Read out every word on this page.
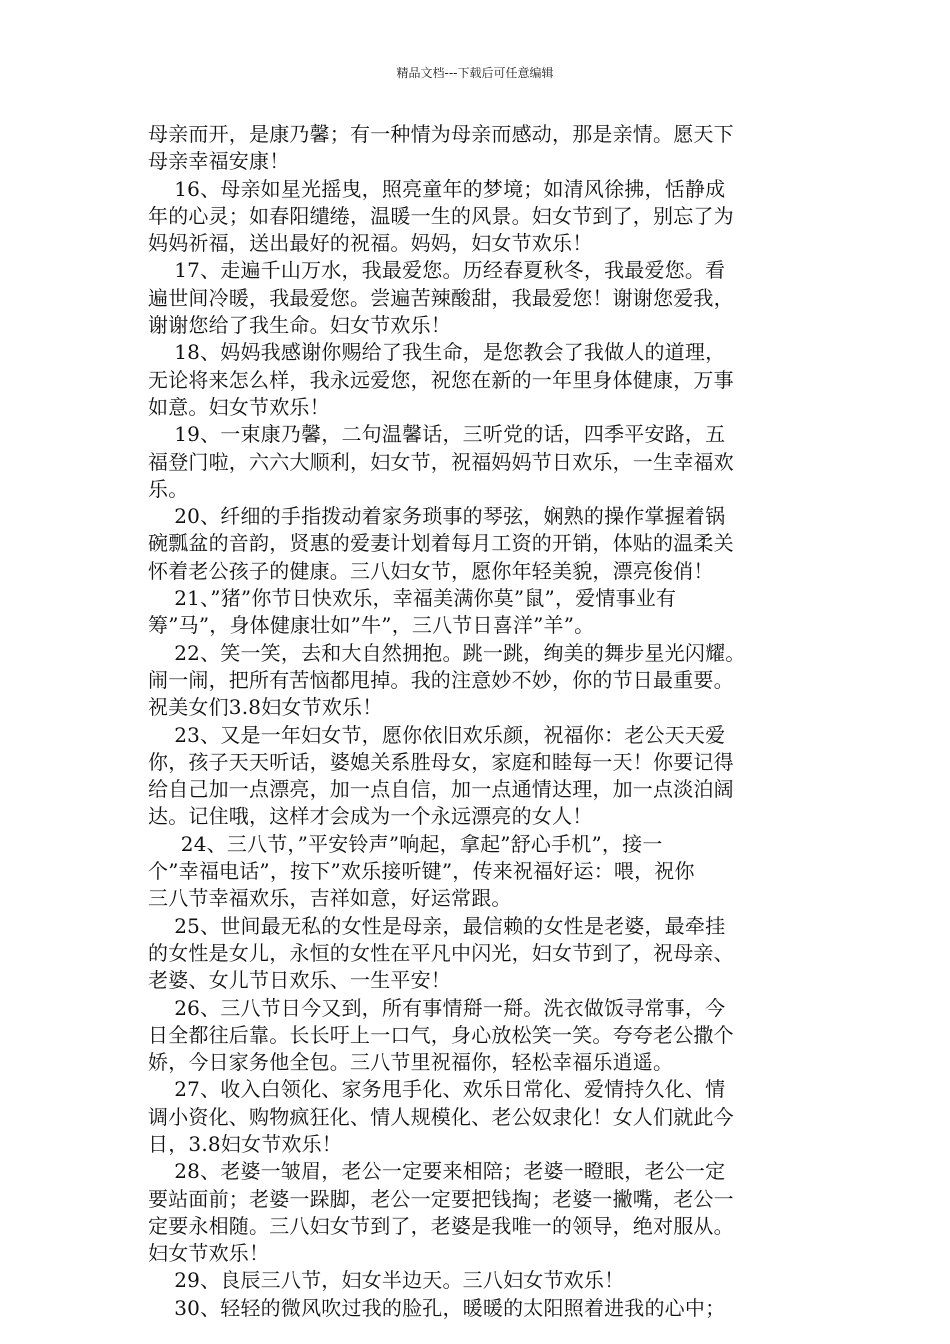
精品文档---下载后可任意编辑
母亲而开，是康乃馨；有一种情为母亲而感动，那是亲情。愿天下
母亲幸福安康！
16、母亲如星光摇曳，照亮童年的梦境；如清风徐拂，恬静成
年的心灵；如春阳缱绻，温暖一生的风景。妇女节到了，别忘了为
妈妈祈福，送出最好的祝福。妈妈，妇女节欢乐！
17、走遍千山万水，我最爱您。历经春夏秋冬，我最爱您。看
遍世间冷暖，我最爱您。尝遍苦辣酸甜，我最爱您！谢谢您爱我，
谢谢您给了我生命。妇女节欢乐！
18、妈妈我感谢你赐给了我生命，是您教会了我做人的道理，
无论将来怎么样，我永远爱您，祝您在新的一年里身体健康，万事
如意。妇女节欢乐！
19、一束康乃馨，二句温馨话，三听党的话，四季平安路，五
福登门啦，六六大顺利，妇女节，祝福妈妈节日欢乐，一生幸福欢
乐。
20、纤细的手指拨动着家务琐事的琴弦，娴熟的操作掌握着锅
碗瓢盆的音韵，贤惠的爱妻计划着每月工资的开销，体贴的温柔关
怀着老公孩子的健康。三八妇女节，愿你年轻美貌，漂亮俊俏！
21、”猪”你节日快欢乐，幸福美满你莫”鼠”，爱情事业有
筹”马”，身体健康壮如”牛”，三八节日喜洋”羊”。
22、笑一笑，去和大自然拥抱。跳一跳，绚美的舞步星光闪耀。
闹一闹，把所有苦恼都甩掉。我的注意妙不妙，你的节日最重要。
祝美女们3.8妇女节欢乐！
23、又是一年妇女节，愿你依旧欢乐颜，祝福你：老公天天爱
你，孩子天天听话，婆媳关系胜母女，家庭和睦每一天！你要记得
给自己加一点漂亮，加一点自信，加一点通情达理，加一点淡泊阔
达。记住哦，这样才会成为一个永远漂亮的女人！
24、三八节，”平安铃声”响起，拿起”舒心手机”，接一
个”幸福电话”，按下”欢乐接听键”，传来祝福好运：喂，祝你
三八节幸福欢乐，吉祥如意，好运常跟。
25、世间最无私的女性是母亲，最信赖的女性是老婆，最牵挂
的女性是女儿，永恒的女性在平凡中闪光，妇女节到了，祝母亲、
老婆、女儿节日欢乐、一生平安！
26、三八节日今又到，所有事情搿一搿。洗衣做饭寻常事，今
日全都往后靠。长长吁上一口气，身心放松笑一笑。夸夸老公撒个
娇，今日家务他全包。三八节里祝福你，轻松幸福乐逍遥。
27、收入白领化、家务甩手化、欢乐日常化、爱情持久化、情
调小资化、购物疯狂化、情人规模化、老公奴隶化！女人们就此今
日，3.8妇女节欢乐！
28、老婆一皱眉，老公一定要来相陪；老婆一瞪眼，老公一定
要站面前；老婆一跺脚，老公一定要把钱掏；老婆一撇嘴，老公一
定要永相随。三八妇女节到了，老婆是我唯一的领导，绝对服从。
妇女节欢乐！
29、良辰三八节，妇女半边天。三八妇女节欢乐！
30、轻轻的微风吹过我的脸孔，暖暖的太阳照着进我的心中；
